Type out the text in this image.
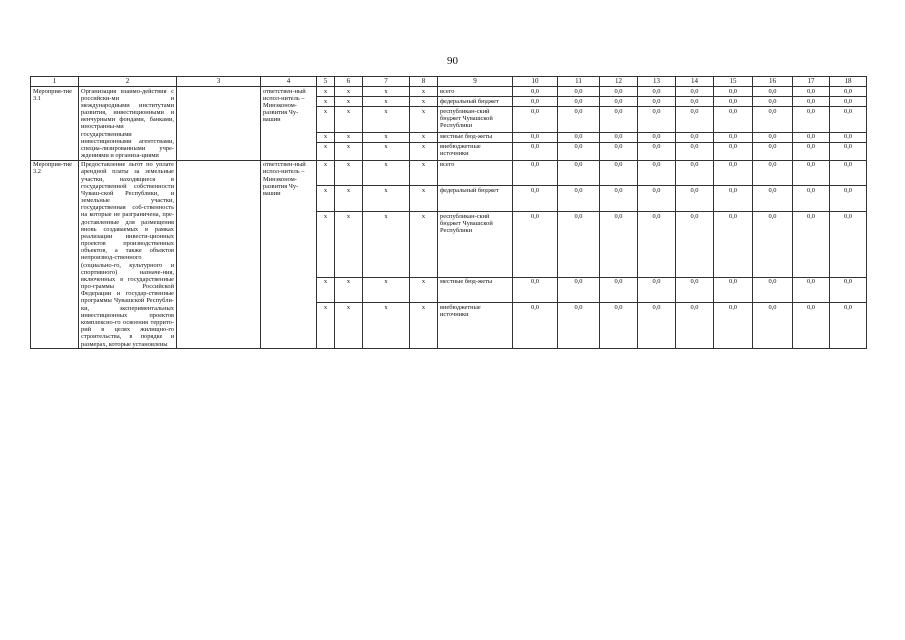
90
1	2	3	4	5	6	7	8	9	10	11	12	13	14	15	16	17	18
Мероприя-тие 3.1	Организация взаимо-действия с российски-ми и международными институтами развития, инвестиционными и венчурными фондами, банками, иностранны-ми государственными инвестиционными агентствами, специа-лизированными учре-ждениями и организа-циями		ответствен-ный испол-нитель – Минэконом-развития Чу-вашии	x	x	x	x	всего	0,0	0,0	0,0	0,0	0,0	0,0	0,0	0,0	0,0
				x	x	x	x	федеральный бюджет	0,0	0,0	0,0	0,0	0,0	0,0	0,0	0,0	0,0
				x	x	x	x	республикан-ский бюджет Чувашской Республики	0,0	0,0	0,0	0,0	0,0	0,0	0,0	0,0	0,0
				x	x	x	x	местные бюд-жеты	0,0	0,0	0,0	0,0	0,0	0,0	0,0	0,0	0,0
				x	x	x	x	внебюджетные источники	0,0	0,0	0,0	0,0	0,0	0,0	0,0	0,0	0,0
Мероприя-тие 3.2	Предоставление льгот по уплате арендной платы за земельные участки, находящиеся в государственной собственности Чуваш-ской Республики, и земельные участки, государственная соб-ственность на которые не разграничена, пре-доставленные для размещения вновь создаваемых в рамках реализации инвести-ционных проектов производственных объектов, а также объектов непроизвод-ственного (социально-го, культурного и спортивного) назначе-ния, включенных в государственные про-граммы Российской Федерации и государ-ственные программы Чувашской Республи-ки, экспериментальных инвестиционных проектов комплексно-го освоения террито-рий в целях жилищно-го строительства, в порядке и размерах, которые установлены		ответствен-ный испол-нитель – Минэконом-развития Чу-вашии	x	x	x	x	всего	0,0	0,0	0,0	0,0	0,0	0,0	0,0	0,0	0,0
				x	x	x	x	федеральный бюджет	0,0	0,0	0,0	0,0	0,0	0,0	0,0	0,0	0,0
				x	x	x	x	республикан-ский бюджет Чувашской Республики	0,0	0,0	0,0	0,0	0,0	0,0	0,0	0,0	0,0
				x	x	x	x	местные бюд-жеты	0,0	0,0	0,0	0,0	0,0	0,0	0,0	0,0	0,0
				x	x	x	x	внебюджетные источники	0,0	0,0	0,0	0,0	0,0	0,0	0,0	0,0	0,0
